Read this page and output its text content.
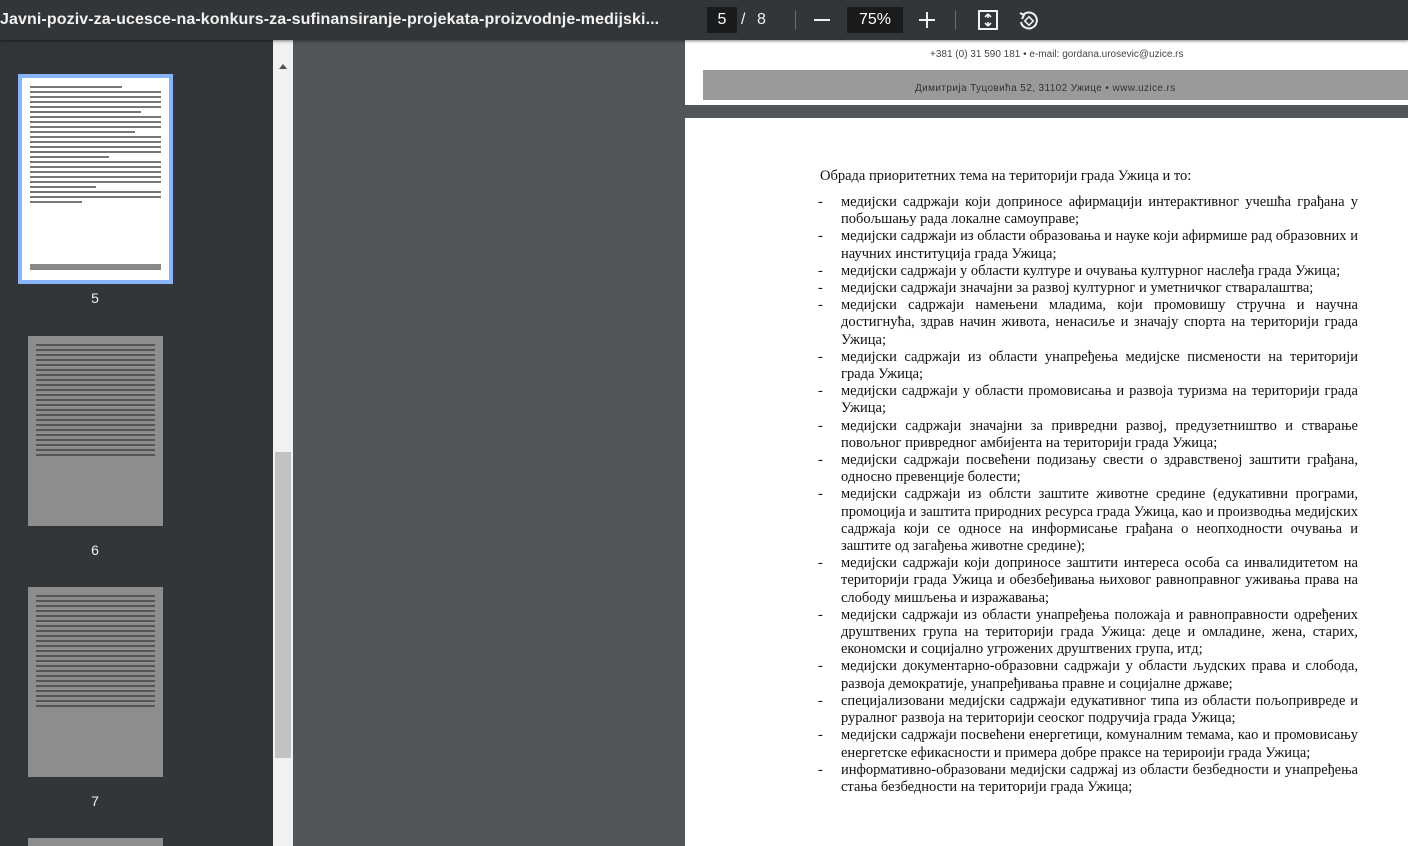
Javni-poziv-za-ucesce-na-konkurs-za-sufinansiranje-projekata-proizvodnje-medijski...	5 / 8	75%
5
6
7
+381 (0) 31 590 181 • e-mail: gordana.urosevic@uzice.rs
Димитрија Туцовића 52, 31102 Ужице • www.uzice.rs
Обрада приоритетних тема на територији града Ужица и то:
- медијски садржаји који доприносе афирмацији интерактивног учешћа грађана у побољшању рада локалне самоуправе;
- медијски садржаји из области образовања и науке који афирмише рад образовних и научних институција града Ужица;
- медијски садржаји у области културе и очувања културног наслеђа града Ужица;
- медијски садржаји значајни за развој културног и уметничког стваралаштва;
- медијски садржаји намењени младима, који промовишу стручна и научна достигнућа, здрав начин живота, ненасиље и значају спорта на територији града Ужица;
- медијски садржаји из области унапређења медијске писмености на територији града Ужица;
- медијски садржаји у области промовисања и развоја туризма на територији града Ужица;
- медијски садржаји значајни за привредни развој, предузетништво и стварање повољног привредног амбијента на територији града Ужица;
- медијски садржаји посвећени подизању свести о здравственој заштити грађана, односно превенције болести;
- медијски садржаји из облсти заштите животне средине (едукативни програми, промоција и заштита природних ресурса града Ужица, као и производња медијских садржаја који се односе на информисање грађана о неопходности очувања и заштите од загађења животне средине);
- медијски садржаји који доприносе заштити интереса особа са инвалидитетом на територији града Ужица и обезбеђивања њиховог равноправног уживања права на слободу мишљења и изражавања;
- медијски садржаји из области унапређења положаја и равноправности одређених друштвених група на територији града Ужица: деце и омладине, жена, старих, економски и социјално угрожених друштвених група, итд;
- медијски документарно-образовни садржаји у области људских права и слобода, развоја демократије, унапређивања правне и социјалне државе;
- специјализовани медијски садржаји едукативног типа из области пољопривреде и руралног развоја на територији сеоског подручија града Ужица;
- медијски садржаји посвећени енергетици, комуналним темама, као и промовисању енергетске ефикасности и примера добре праксе на терироији града Ужица;
- информативно-образовани медијски садржај из области безбедности и унапређења стања безбедности на територији града Ужица;
